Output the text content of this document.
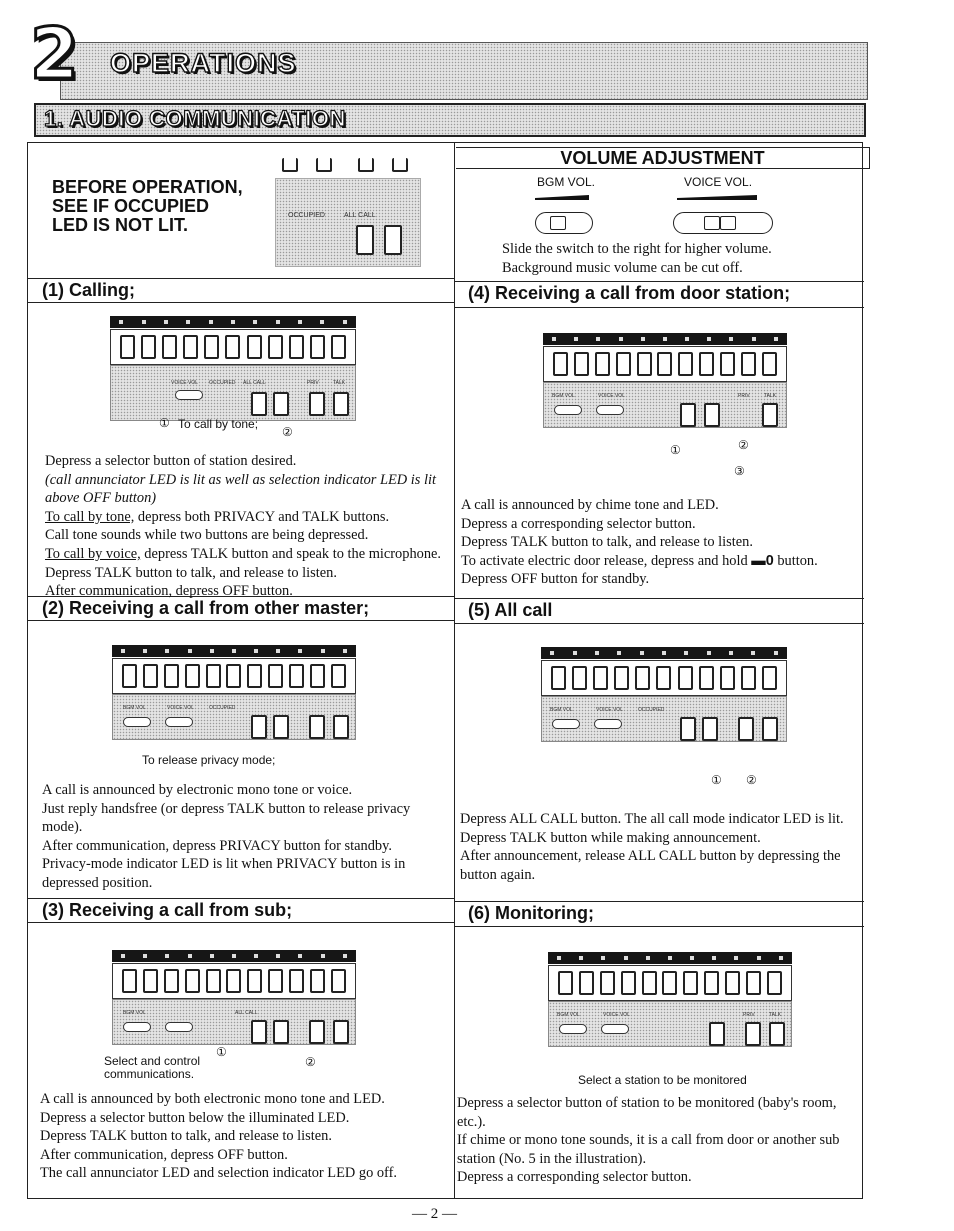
2	OPERATIONS
1. AUDIO COMMUNICATION
BEFORE OPERATION,
SEE IF OCCUPIED
LED IS NOT LIT.	OCCUPIED	ALL CALL
VOLUME ADJUSTMENT
BGM VOL.	VOICE VOL.

Slide the switch to the right for higher volume.

Background music volume can be cut off.

(1) Calling;	(4) Receiving a call from door station;
(2) Receiving a call from other master;	(5) All call
(3) Receiving a call from sub;	(6) Monitoring;
VOICE VOL OCCUPIED ALL CALL	PRIV	TALK
① To call by tone;
②

Depress a selector button of station desired.

(call annunciator LED is lit as well as selection indicator LED is lit above OFF button)

To call by tone, depress both PRIVACY and TALK buttons.

Call tone sounds while two buttons are being depressed.

To call by voice, depress TALK button and speak to the microphone.

Depress TALK button to talk, and release to listen.

After communication, depress OFF button.

BGM VOL	VOICE VOL	OCCUPIED
To release privacy mode;

A call is announced by electronic mono tone or voice.

Just reply handsfree (or depress TALK button to release privacy mode).

After communication, depress PRIVACY button for standby.

Privacy-mode indicator LED is lit when PRIVACY button is in depressed position.

BGM VOL	ALL CALL
①
②
Select and control communications.

A call is announced by both electronic mono tone and LED.

Depress a selector button below the illuminated LED.

Depress TALK button to talk, and release to listen.

After communication, depress OFF button.

The call annunciator LED and selection indicator LED go off.

BGM VOL	VOICE VOL	PRIV	TALK
①	②
③

A call is announced by chime tone and LED.

Depress a corresponding selector button.

Depress TALK button to talk, and release to listen.

To activate electric door release, depress and hold ▬0 button.

Depress OFF button for standby.

BGM VOL	VOICE VOL	OCCUPIED
① ②

Depress ALL CALL button. The all call mode indicator LED is lit. Depress TALK button while making announcement.

After announcement, release ALL CALL button by depressing the button again.

BGM VOL	VOICE VOL	PRIV	TALK
Select a station to be monitored

Depress a selector button of station to be monitored (baby's room, etc.).

If chime or mono tone sounds, it is a call from door or another sub station (No. 5 in the illustration).

Depress a corresponding selector button.

— 2 —
